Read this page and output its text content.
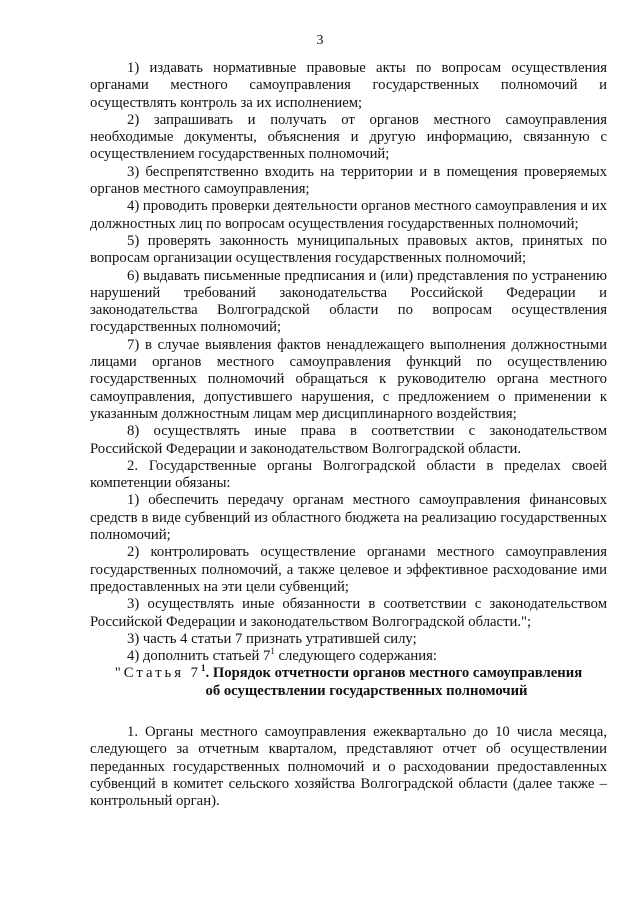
3

1) издавать нормативные правовые акты по вопросам осуществления органами местного самоуправления государственных полномочий и осуществлять контроль за их исполнением;

2) запрашивать и получать от органов местного самоуправления необходимые документы, объяснения и другую информацию, связанную с осуществлением государственных полномочий;

3) беспрепятственно входить на территории и в помещения проверяемых органов местного самоуправления;

4) проводить проверки деятельности органов местного самоуправления и их должностных лиц по вопросам осуществления государственных полномочий;

5) проверять законность муниципальных правовых актов, принятых по вопросам организации осуществления государственных полномочий;

6) выдавать письменные предписания и (или) представления по устранению нарушений требований законодательства Российской Федерации и законодательства Волгоградской области по вопросам осуществления государственных полномочий;

7) в случае выявления фактов ненадлежащего выполнения должностными лицами органов местного самоуправления функций по осуществлению государственных полномочий обращаться к руководителю органа местного самоуправления, допустившего нарушения, с предложением о применении к указанным должностным лицам мер дисциплинарного воздействия;

8) осуществлять иные права в соответствии с законодательством Российской Федерации и законодательством Волгоградской области.

2. Государственные органы Волгоградской области в пределах своей компетенции обязаны:

1) обеспечить передачу органам местного самоуправления финансовых средств в виде субвенций из областного бюджета на реализацию государственных полномочий;

2) контролировать осуществление органами местного самоуправления государственных полномочий, а также целевое и эффективное расходование ими предоставленных на эти цели субвенций;

3) осуществлять иные обязанности в соответствии с законодательством Российской Федерации и законодательством Волгоградской области.";

3) часть 4 статьи 7 признать утратившей силу;

4) дополнить статьей $7^1$ следующего содержания:

"Статья $7^1$. Порядок отчетности органов местного самоуправления
об осуществлении государственных полномочий

1. Органы местного самоуправления ежеквартально до 10 числа месяца, следующего за отчетным кварталом, представляют отчет об осуществлении переданных государственных полномочий и о расходовании предоставленных субвенций в комитет сельского хозяйства Волгоградской области (далее также – контрольный орган).
